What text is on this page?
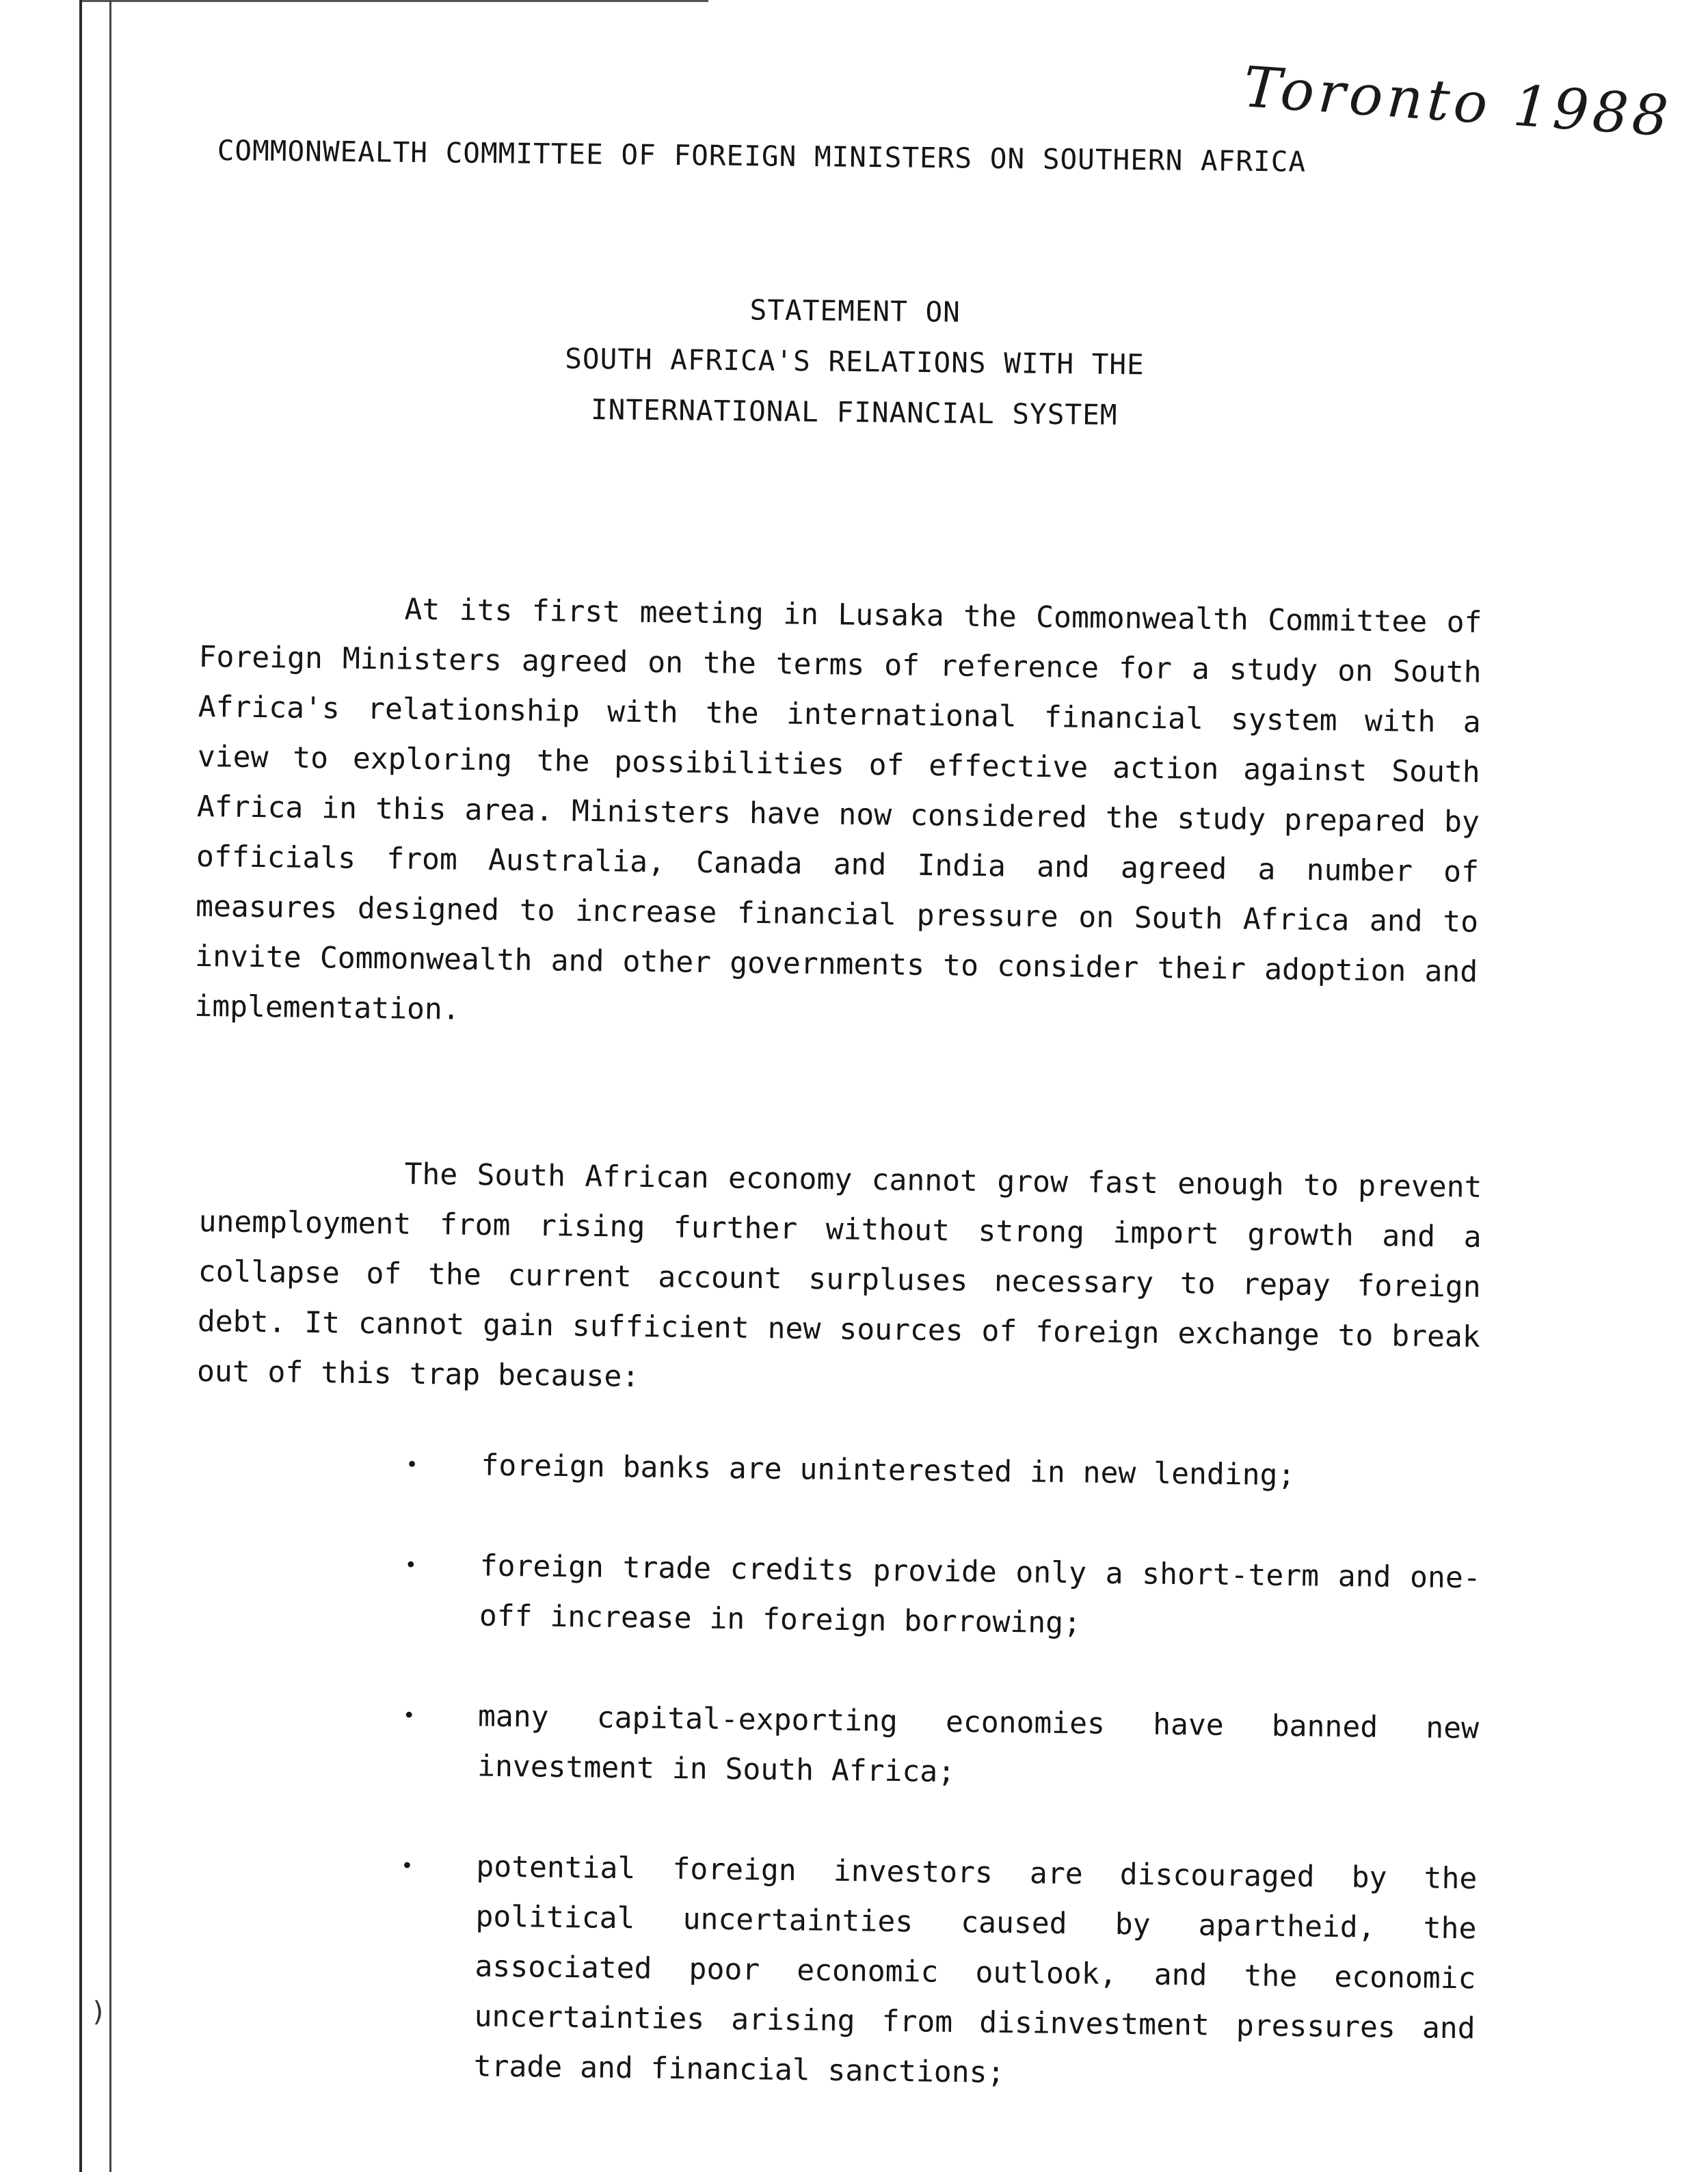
Toronto 1988
COMMONWEALTH COMMITTEE OF FOREIGN MINISTERS ON SOUTHERN AFRICA
STATEMENT ON
SOUTH AFRICA'S RELATIONS WITH THE
INTERNATIONAL FINANCIAL SYSTEM
At its first meeting in Lusaka the Commonwealth Committee of Foreign Ministers agreed on the terms of reference for a study on South Africa's relationship with the international financial system with a view to exploring the possibilities of effective action against South Africa in this area. Ministers have now considered the study prepared by officials from Australia, Canada and India and agreed a number of measures designed to increase financial pressure on South Africa and to invite Commonwealth and other governments to consider their adoption and implementation.
The South African economy cannot grow fast enough to prevent unemployment from rising further without strong import growth and a collapse of the current account surpluses necessary to repay foreign debt. It cannot gain sufficient new sources of foreign exchange to break out of this trap because:
• foreign banks are uninterested in new lending;
• foreign trade credits provide only a short-term and one-off increase in foreign borrowing;
• many capital-exporting economies have banned new investment in South Africa;
• potential foreign investors are discouraged by the political uncertainties caused by apartheid, the associated poor economic outlook, and the economic uncertainties arising from disinvestment pressures and trade and financial sanctions;
)
